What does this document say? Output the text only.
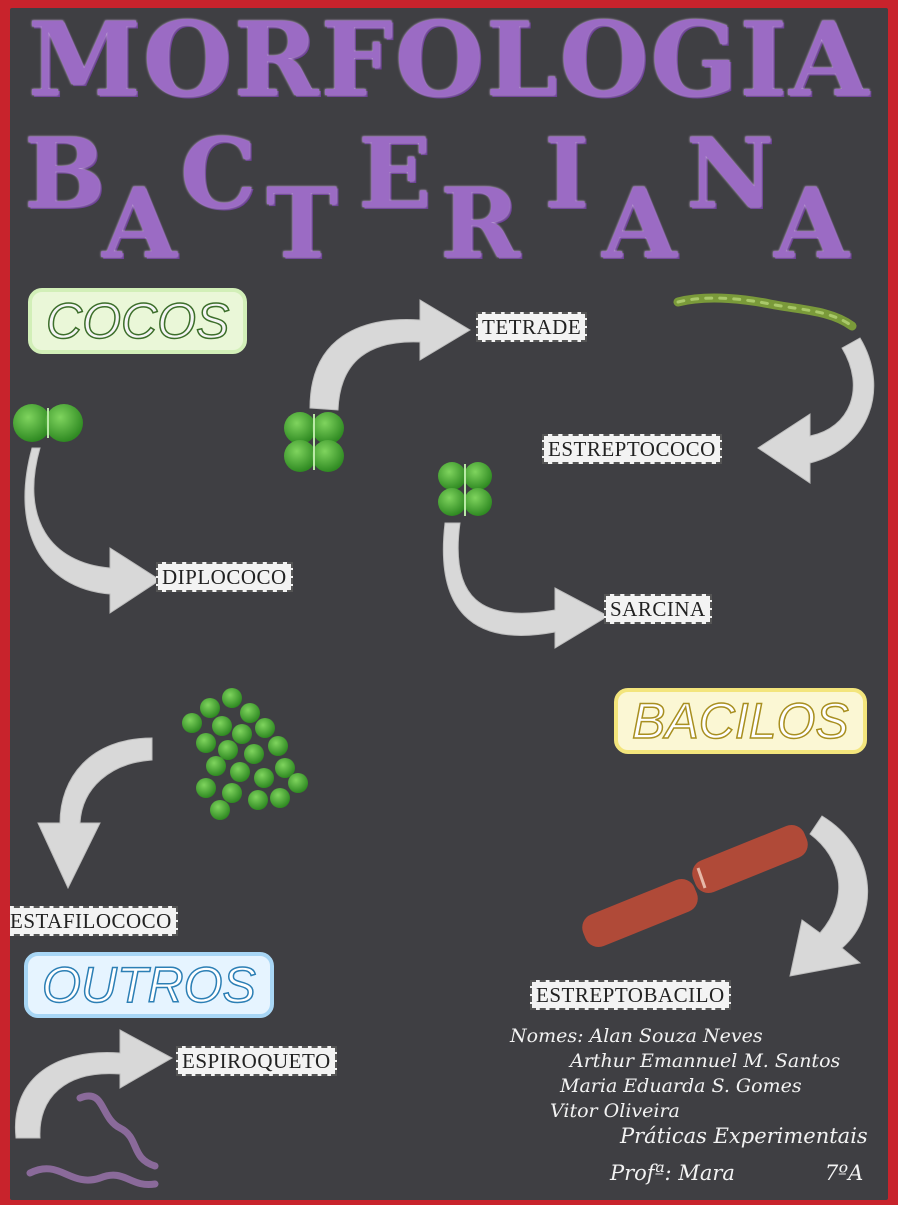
MORFOLOGIA
B
A C T E R I A N A
COCOS
BACILOS
OUTROS
TETRADE
ESTREPTOCOCO
DIPLOCOCO
SARCINA
ESTAFILOCOCO
ESTREPTOBACILO
ESPIROQUETO
Nomes: Alan Souza Neves
Arthur Emannuel M. Santos
Maria Eduarda S. Gomes
Vitor Oliveira
Práticas Experimentais
Profª: Mara	7ºA
